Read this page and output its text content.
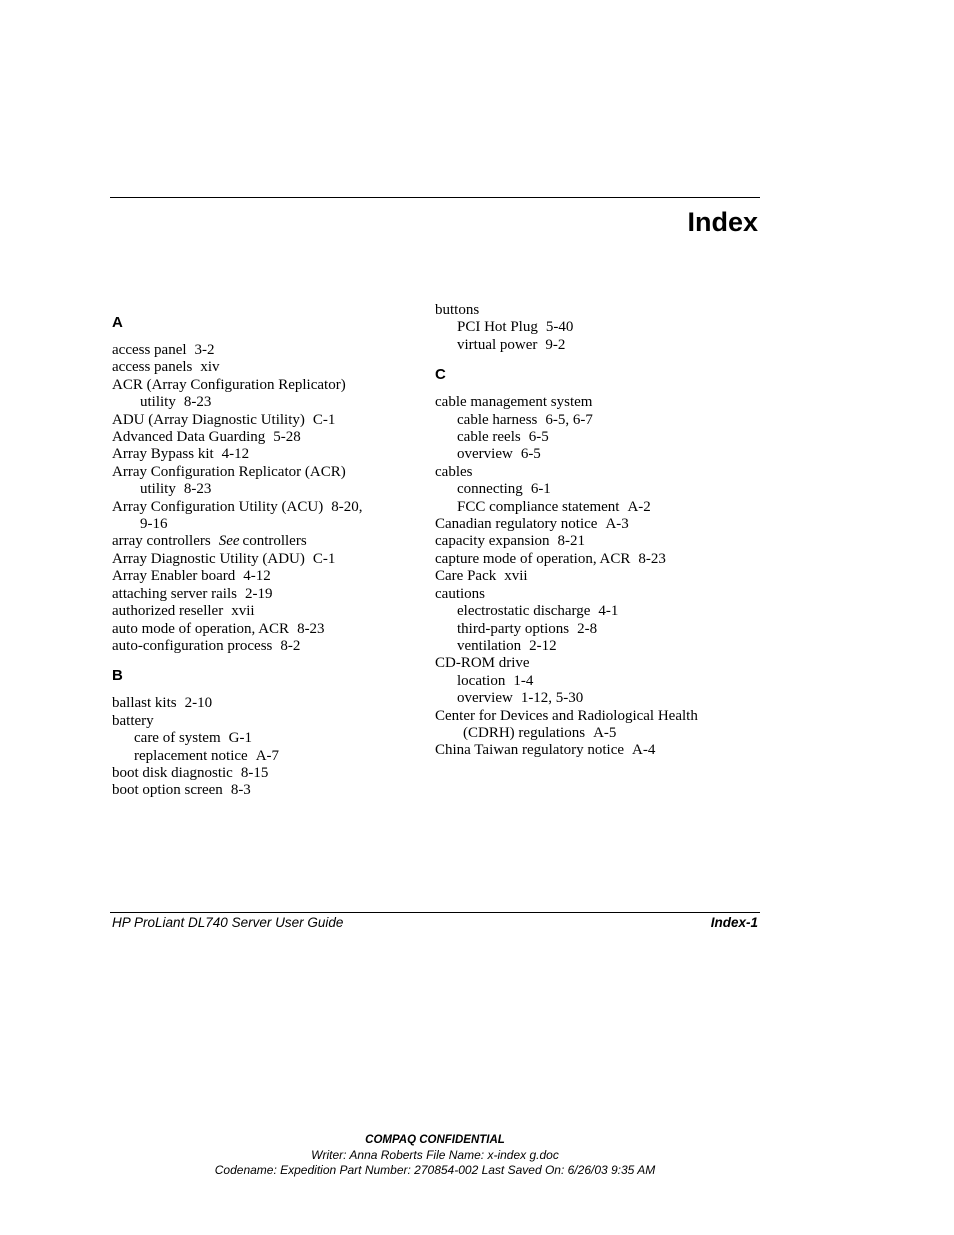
Index
A
access panel 3-2
access panels xiv
ACR (Array Configuration Replicator)
utility 8-23
ADU (Array Diagnostic Utility) C-1
Advanced Data Guarding 5-28
Array Bypass kit 4-12
Array Configuration Replicator (ACR)
utility 8-23
Array Configuration Utility (ACU) 8-20,
9-16
array controllers See controllers
Array Diagnostic Utility (ADU) C-1
Array Enabler board 4-12
attaching server rails 2-19
authorized reseller xvii
auto mode of operation, ACR 8-23
auto-configuration process 8-2
B
ballast kits 2-10
battery
care of system G-1
replacement notice A-7
boot disk diagnostic 8-15
boot option screen 8-3
buttons
PCI Hot Plug 5-40
virtual power 9-2
C
cable management system
cable harness 6-5, 6-7
cable reels 6-5
overview 6-5
cables
connecting 6-1
FCC compliance statement A-2
Canadian regulatory notice A-3
capacity expansion 8-21
capture mode of operation, ACR 8-23
Care Pack xvii
cautions
electrostatic discharge 4-1
third-party options 2-8
ventilation 2-12
CD-ROM drive
location 1-4
overview 1-12, 5-30
Center for Devices and Radiological Health
(CDRH) regulations A-5
China Taiwan regulatory notice A-4
HP ProLiant DL740 Server User Guide	Index-1
COMPAQ CONFIDENTIAL
Writer: Anna Roberts File Name: x-index g.doc
Codename: Expedition Part Number: 270854-002 Last Saved On: 6/26/03 9:35 AM
